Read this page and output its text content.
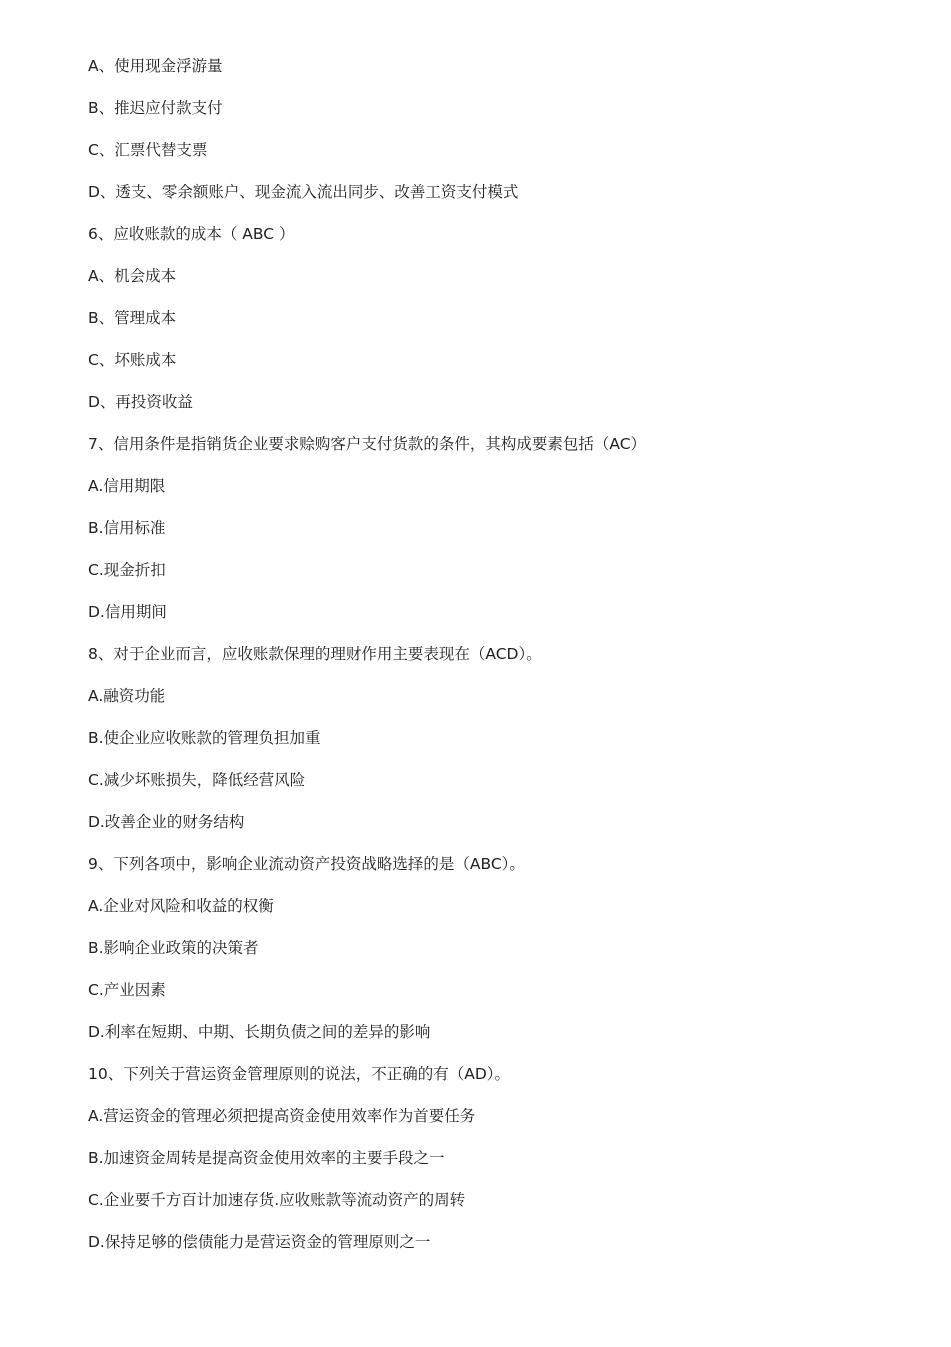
A、使用现金浮游量
B、推迟应付款支付
C、汇票代替支票
D、透支、零余额账户、现金流入流出同步、改善工资支付模式
6、应收账款的成本（ ABC ）
A、机会成本
B、管理成本
C、坏账成本
D、再投资收益
7、信用条件是指销货企业要求赊购客户支付货款的条件，其构成要素包括（AC）
A.信用期限
B.信用标准
C.现金折扣
D.信用期间
8、对于企业而言，应收账款保理的理财作用主要表现在（ACD）。
A.融资功能
B.使企业应收账款的管理负担加重
C.减少坏账损失，降低经营风险
D.改善企业的财务结构
9、下列各项中，影响企业流动资产投资战略选择的是（ABC）。
A.企业对风险和收益的权衡
B.影响企业政策的决策者
C.产业因素
D.利率在短期、中期、长期负债之间的差异的影响
10、下列关于营运资金管理原则的说法，不正确的有（AD）。
A.营运资金的管理必须把提高资金使用效率作为首要任务
B.加速资金周转是提高资金使用效率的主要手段之一
C.企业要千方百计加速存货.应收账款等流动资产的周转
D.保持足够的偿债能力是营运资金的管理原则之一
